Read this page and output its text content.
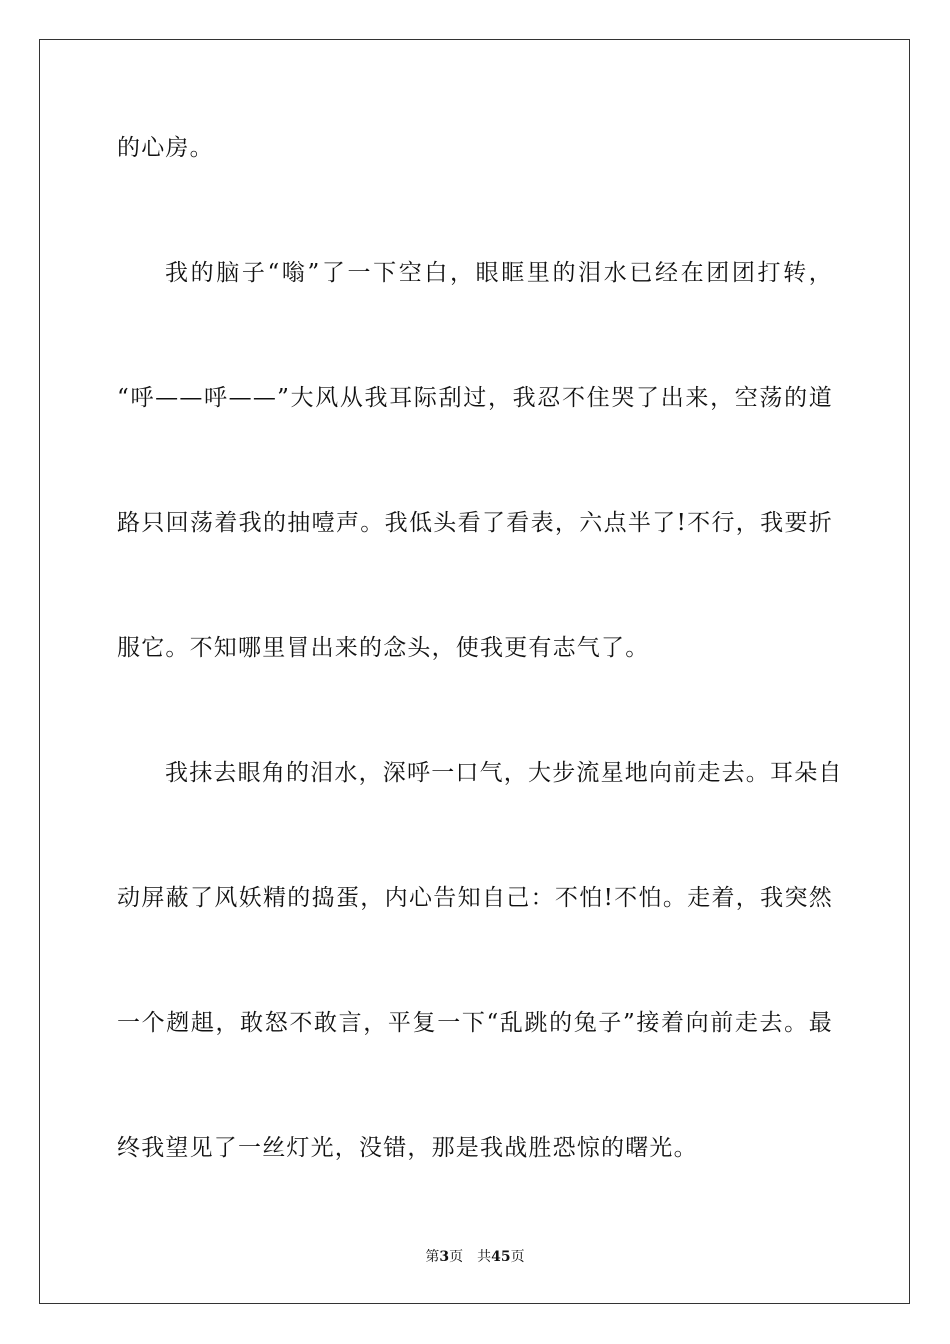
的心房。
我的脑子“嗡”了一下空白，眼眶里的泪水已经在团团打转，
“呼——呼——”大风从我耳际刮过，我忍不住哭了出来，空荡的道
路只回荡着我的抽噎声。我低头看了看表，六点半了!不行，我要折
服它。不知哪里冒出来的念头，使我更有志气了。
我抹去眼角的泪水，深呼一口气，大步流星地向前走去。耳朵自
动屏蔽了风妖精的捣蛋，内心告知自己：不怕!不怕。走着，我突然
一个趔趄，敢怒不敢言，平复一下“乱跳的兔子”接着向前走去。最
终我望见了一丝灯光，没错，那是我战胜恐惊的曙光。
第3页 共45页
